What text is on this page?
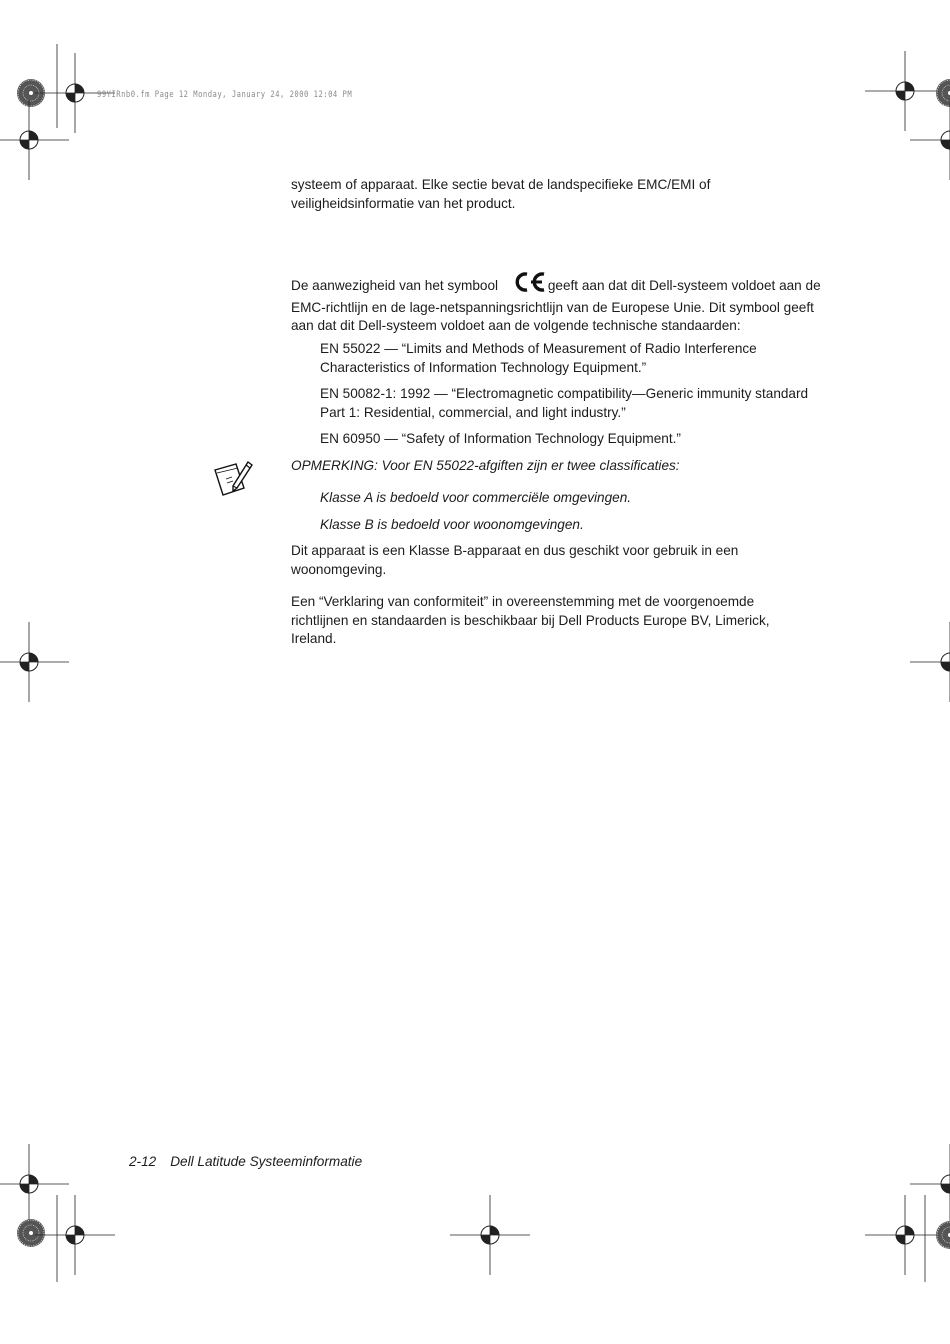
99YIRnb0.fm Page 12 Monday, January 24, 2000 12:04 PM

systeem of apparaat. Elke sectie bevat de landspecifieke EMC/EMI of veiligheidsinformatie van het product.

De aanwezigheid van het symbool	geeft aan dat dit Dell-systeem voldoet aan de EMC-richtlijn en de lage-netspanningsrichtlijn van de Europese Unie. Dit symbool geeft aan dat dit Dell-systeem voldoet aan de volgende technische standaarden:

EN 55022 — “Limits and Methods of Measurement of Radio Interference Characteristics of Information Technology Equipment.”

EN 50082-1: 1992 — “Electromagnetic compatibility—Generic immunity standard Part 1: Residential, commercial, and light industry.”

EN 60950 — “Safety of Information Technology Equipment.”

OPMERKING: Voor EN 55022-afgiften zijn er twee classificaties:

Klasse A is bedoeld voor commerciële omgevingen.

Klasse B is bedoeld voor woonomgevingen.

Dit apparaat is een Klasse B-apparaat en dus geschikt voor gebruik in een woonomgeving.

Een “Verklaring van conformiteit” in overeenstemming met de voorgenoemde richtlijnen en standaarden is beschikbaar bij Dell Products Europe BV, Limerick, Ireland.

2-12 Dell Latitude Systeeminformatie
